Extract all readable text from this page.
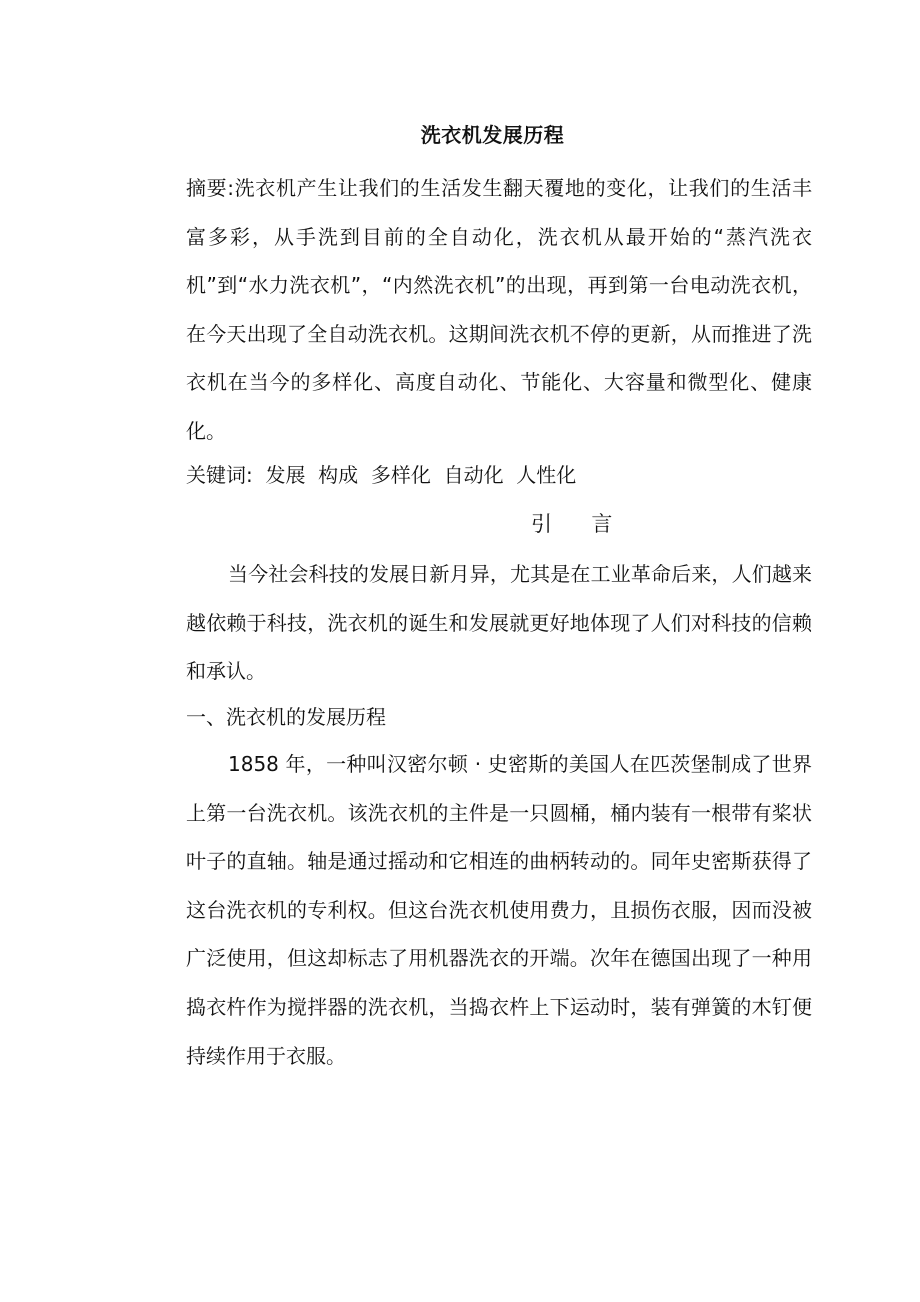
洗衣机发展历程
摘要:洗衣机产生让我们的生活发生翻天覆地的变化，让我们的生活丰富多彩，从手洗到目前的全自动化，洗衣机从最开始的“蒸汽洗衣机”到“水力洗衣机”，“内然洗衣机”的出现，再到第一台电动洗衣机，在今天出现了全自动洗衣机。这期间洗衣机不停的更新，从而推进了洗衣机在当今的多样化、高度自动化、节能化、大容量和微型化、健康化。
关键词:  发展  构成  多样化  自动化  人性化
引     言
当今社会科技的发展日新月异，尤其是在工业革命后来，人们越来越依赖于科技，洗衣机的诞生和发展就更好地体现了人们对科技的信赖和承认。
一、洗衣机的发展历程
1858 年，一种叫汉密尔顿 · 史密斯的美国人在匹茨堡制成了世界上第一台洗衣机。该洗衣机的主件是一只圆桶，桶内装有一根带有桨状叶子的直轴。轴是通过摇动和它相连的曲柄转动的。同年史密斯获得了这台洗衣机的专利权。但这台洗衣机使用费力，且损伤衣服，因而没被广泛使用，但这却标志了用机器洗衣的开端。次年在德国出现了一种用捣衣杵作为搅拌器的洗衣机，当捣衣杵上下运动时，装有弹簧的木钉便持续作用于衣服。
